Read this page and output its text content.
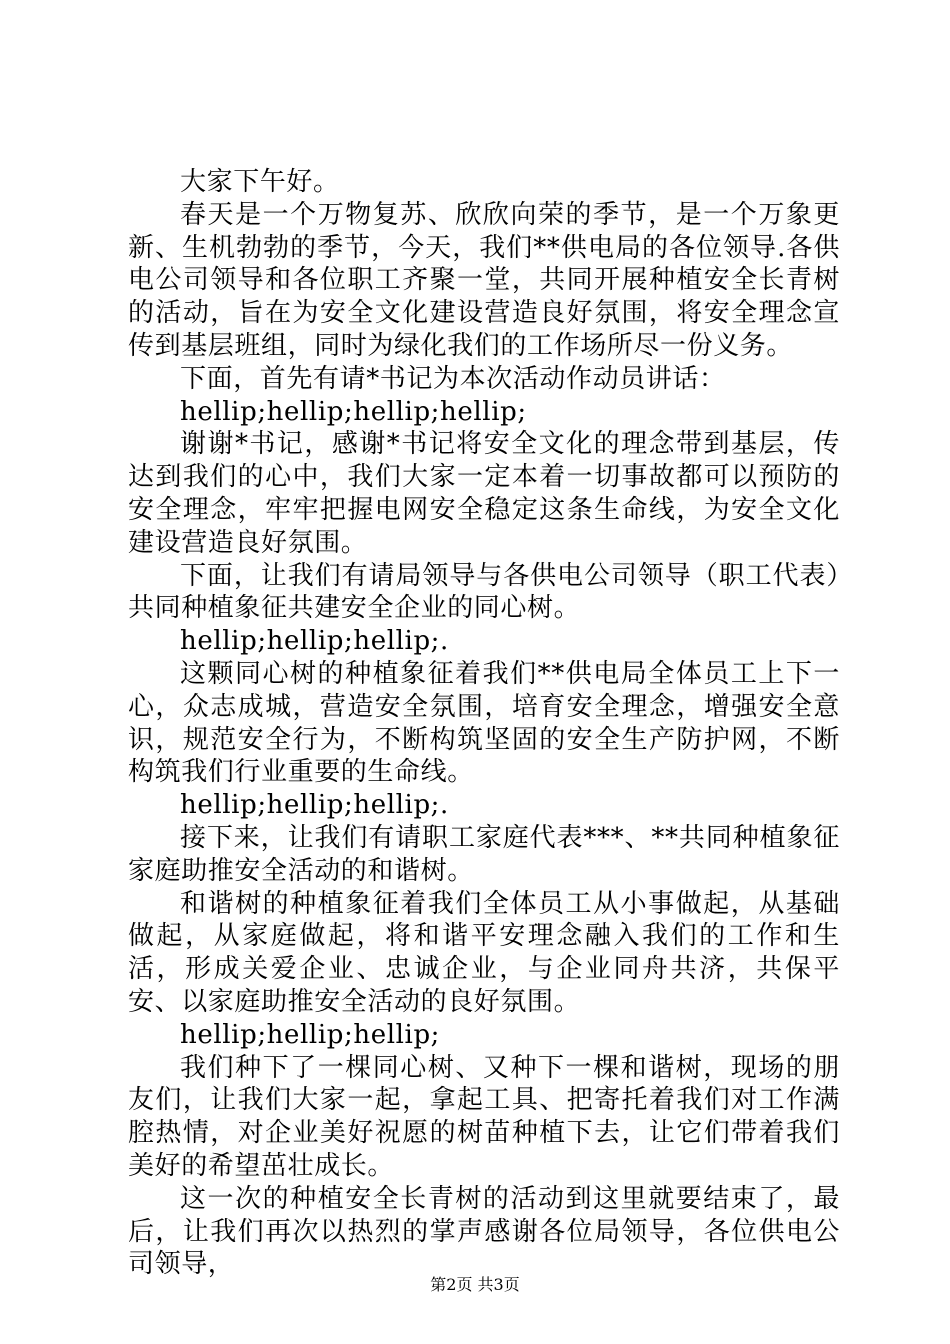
大家下午好。

春天是一个万物复苏、欣欣向荣的季节，是一个万象更新、生机勃勃的季节，今天，我们**供电局的各位领导.各供电公司领导和各位职工齐聚一堂，共同开展种植安全长青树的活动，旨在为安全文化建设营造良好氛围，将安全理念宣传到基层班组，同时为绿化我们的工作场所尽一份义务。

下面，首先有请*书记为本次活动作动员讲话：

hellip;hellip;hellip;hellip;

谢谢*书记，感谢*书记将安全文化的理念带到基层，传达到我们的心中，我们大家一定本着一切事故都可以预防的安全理念，牢牢把握电网安全稳定这条生命线，为安全文化建设营造良好氛围。

下面，让我们有请局领导与各供电公司领导（职工代表）共同种植象征共建安全企业的同心树。

hellip;hellip;hellip;.

这颗同心树的种植象征着我们**供电局全体员工上下一心，众志成城，营造安全氛围，培育安全理念，增强安全意识，规范安全行为，不断构筑坚固的安全生产防护网，不断构筑我们行业重要的生命线。

hellip;hellip;hellip;.

接下来，让我们有请职工家庭代表***、**共同种植象征家庭助推安全活动的和谐树。

和谐树的种植象征着我们全体员工从小事做起，从基础做起，从家庭做起，将和谐平安理念融入我们的工作和生活，形成关爱企业、忠诚企业，与企业同舟共济，共保平安、以家庭助推安全活动的良好氛围。

hellip;hellip;hellip;

我们种下了一棵同心树、又种下一棵和谐树，现场的朋友们，让我们大家一起，拿起工具、把寄托着我们对工作满腔热情，对企业美好祝愿的树苗种植下去，让它们带着我们美好的希望茁壮成长。

这一次的种植安全长青树的活动到这里就要结束了，最后，让我们再次以热烈的掌声感谢各位局领导，各位供电公司领导，

第2页 共3页
